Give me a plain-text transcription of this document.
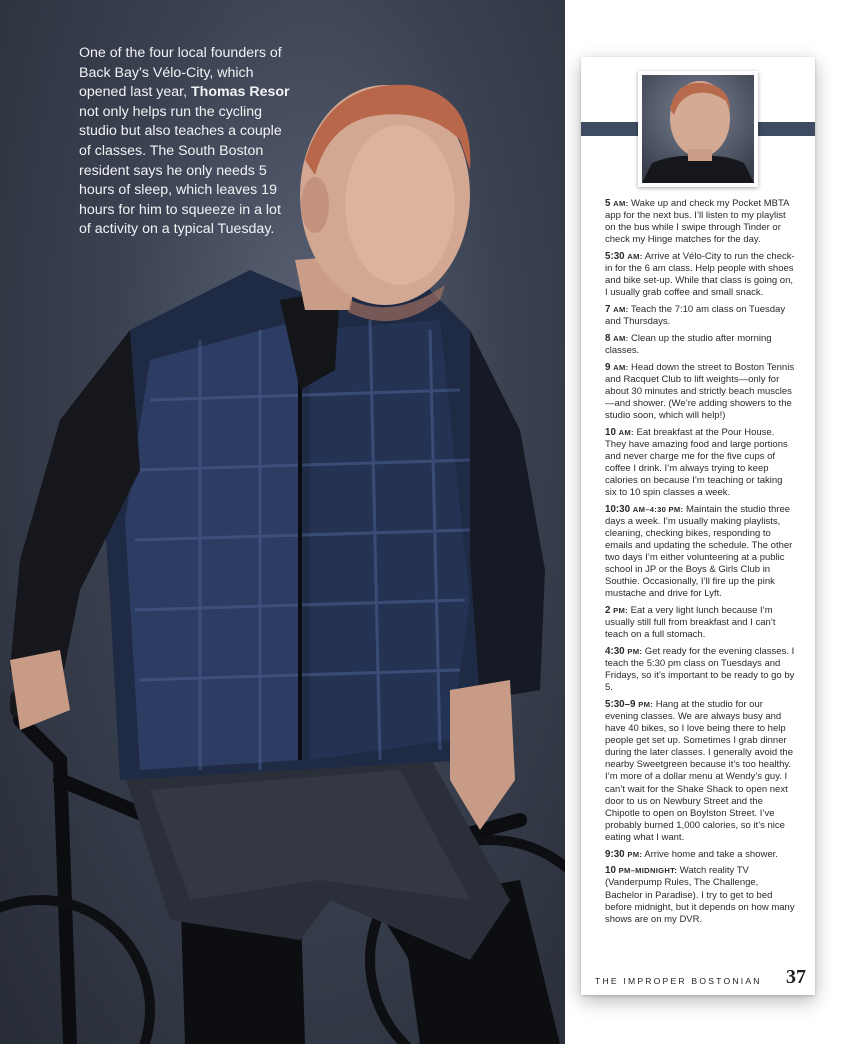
One of the four local founders of Back Bay’s Vélo-City, which opened last year, Thomas Resor not only helps run the cycling studio but also teaches a couple of classes. The South Boston resident says he only needs 5 hours of sleep, which leaves 19 hours for him to squeeze in a lot of activity on a typical Tuesday.
5 AM: Wake up and check my Pocket MBTA app for the next bus. I’ll listen to my playlist on the bus while I swipe through Tinder or check my Hinge matches for the day.
5:30 AM: Arrive at Vélo-City to run the check-in for the 6 am class. Help people with shoes and bike set-up. While that class is going on, I usually grab coffee and small snack.
7 AM: Teach the 7:10 am class on Tuesday and Thursdays.
8 AM: Clean up the studio after morning classes.
9 AM: Head down the street to Boston Tennis and Racquet Club to lift weights—only for about 30 minutes and strictly beach muscles—and shower. (We’re adding showers to the studio soon, which will help!)
10 AM: Eat breakfast at the Pour House. They have amazing food and large portions and never charge me for the five cups of coffee I drink. I’m always trying to keep calories on because I’m teaching or taking six to 10 spin classes a week.
10:30 AM–4:30 PM: Maintain the studio three days a week. I’m usually making playlists, cleaning, checking bikes, responding to emails and updating the schedule. The other two days I’m either volunteering at a public school in JP or the Boys & Girls Club in Southie. Occasionally, I’ll fire up the pink mustache and drive for Lyft.
2 PM: Eat a very light lunch because I’m usually still full from breakfast and I can’t teach on a full stomach.
4:30 PM: Get ready for the evening classes. I teach the 5:30 pm class on Tuesdays and Fridays, so it’s important to be ready to go by 5.
5:30–9 PM: Hang at the studio for our evening classes. We are always busy and have 40 bikes, so I love being there to help people get set up. Sometimes I grab dinner during the later classes. I generally avoid the nearby Sweetgreen because it’s too healthy. I’m more of a dollar menu at Wendy’s guy. I can’t wait for the Shake Shack to open next door to us on Newbury Street and the Chipotle to open on Boylston Street. I’ve probably burned 1,000 calories, so it’s nice eating what I want.
9:30 PM: Arrive home and take a shower.
10 PM–MIDNIGHT: Watch reality TV (Vanderpump Rules, The Challenge, Bachelor in Paradise). I try to get to bed before midnight, but it depends on how many shows are on my DVR.
THE IMPROPER BOSTONIAN 37
